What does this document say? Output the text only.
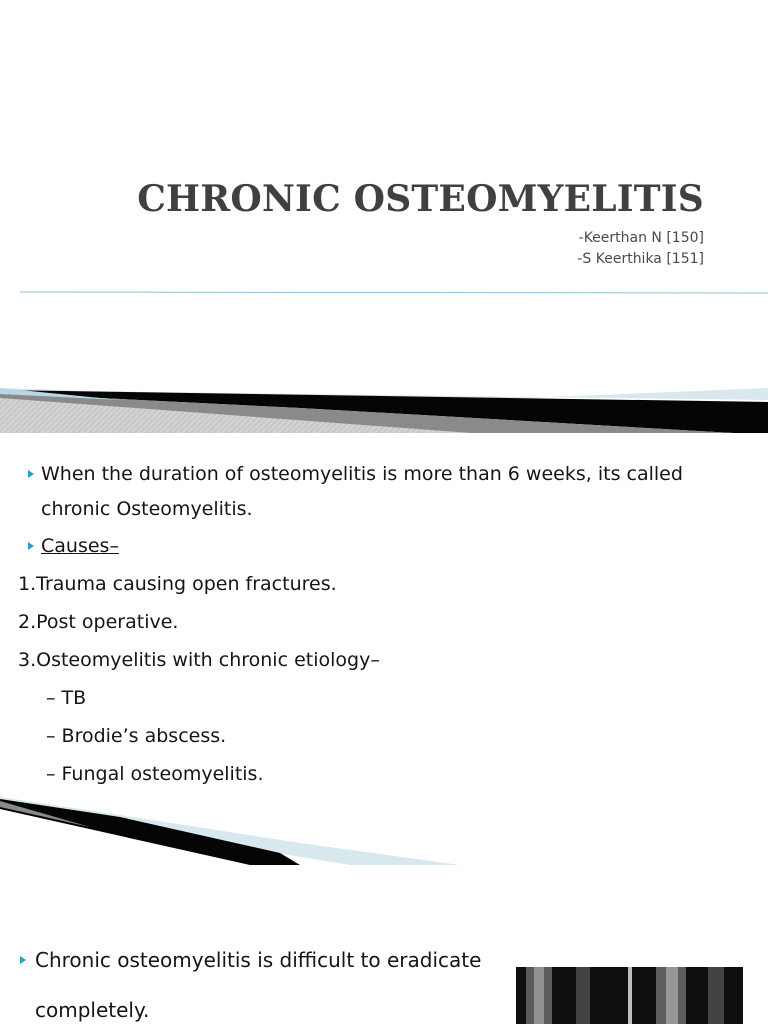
CHRONIC OSTEOMYELITIS
-Keerthan N [150]
-S Keerthika [151]
When the duration of osteomyelitis is more than 6 weeks, its called
chronic Osteomyelitis.
Causes–
1.Trauma causing open fractures.
2.Post operative.
3.Osteomyelitis with chronic etiology–
– TB
– Brodie’s abscess.
– Fungal osteomyelitis.
Chronic osteomyelitis is difficult to eradicate
completely.
